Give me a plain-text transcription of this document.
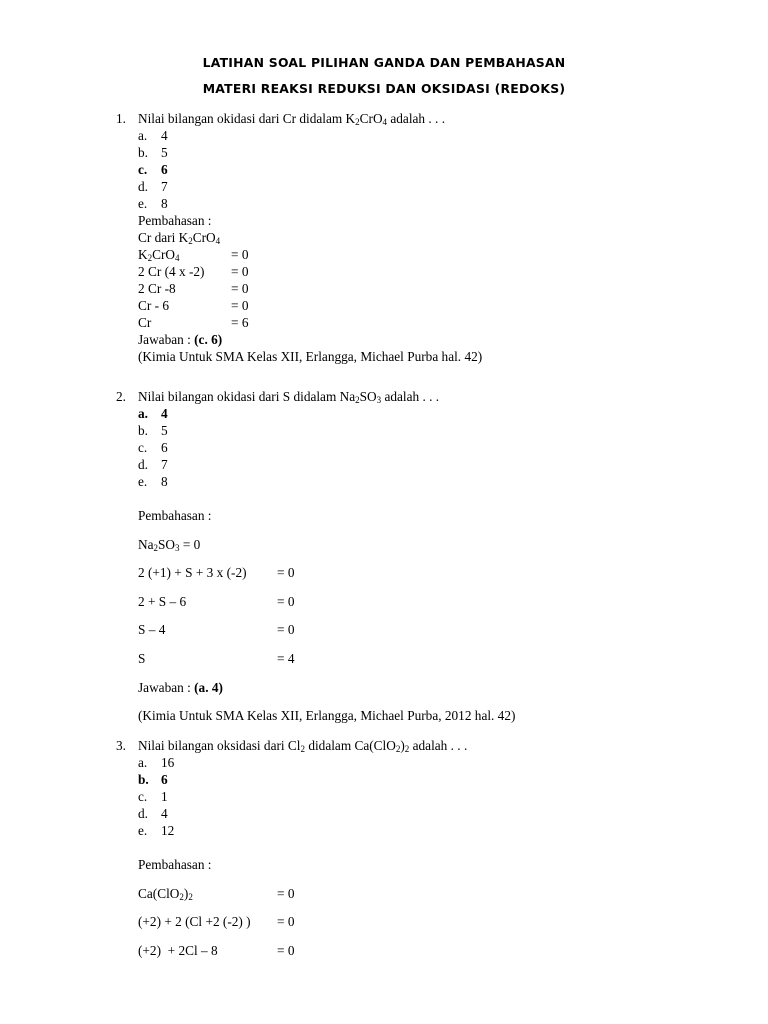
LATIHAN SOAL PILIHAN GANDA DAN PEMBAHASAN
MATERI REAKSI REDUKSI DAN OKSIDASI (REDOKS)
1. Nilai bilangan okidasi dari Cr didalam $K_2CrO_4$ adalah . . .
a.	4
b. 5
c.	6
d. 7
e.	8
Pembahasan :
Cr dari $K_2CrO_4$
$K_2CrO_4$	= 0
2 Cr (4 x -2)	= 0
2 Cr -8	= 0
Cr - 6	= 0
Cr	= 6
Jawaban : (c. 6)
(Kimia Untuk SMA Kelas XII, Erlangga, Michael Purba hal. 42)
2. Nilai bilangan okidasi dari S didalam $Na_2SO_3$ adalah . . .
a. 4
b. 5
c.	6
d. 7
e.	8
Pembahasan :
$Na_2SO_3 = 0$
2 (+1) + S + 3 x (-2)	= 0
2 + S – 6	= 0
S – 4	= 0
S	= 4
Jawaban : (a. 4)
(Kimia Untuk SMA Kelas XII, Erlangga, Michael Purba, 2012 hal. 42)
3. Nilai bilangan oksidasi dari $Cl_2$ didalam $Ca(ClO_2)_2$ adalah . . .
a.	16
b. 6
c.	1
d. 4
e.	12
Pembahasan :
$Ca(ClO_2)_2$	= 0
(+2) + 2 (Cl +2 (-2) )	= 0
(+2)  + 2Cl – 8	= 0
